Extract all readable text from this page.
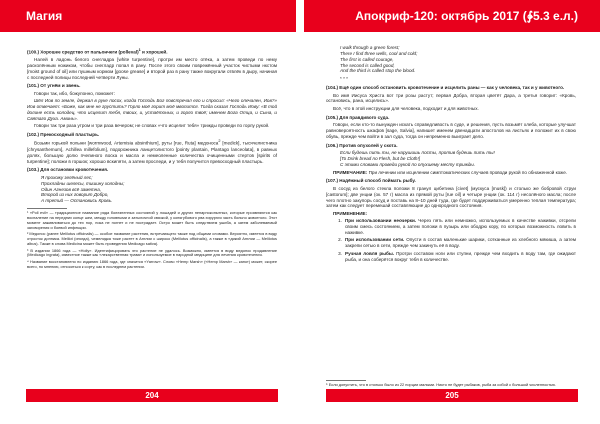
Магия	Апокриф-120: октябрь 2017 (∳5.3 е.л.)

(100.) Хорошее средство от пальончеги (polleval)$^1$ и хорошей.

Налей в ладонь белого снегладра [white turpentine], протри им место отёка, а затем проведи по нему расколённым ножиком, чтобы снегладр попал в рану. После этого своим поврежённый участок чистыми нкстом [moist ground of oil] или пушным кормом [goose grease] и второй раз в рану также вокругали отвлёк в дыру, начиная с последней полицы последней четверти Луны.

(101.) От угнём и звень.

Говори так, ибо, божупонно, поможет:

Шёл Иов по земле, держал в руке посох, когда Господь Бог повстречал его и спросил: «Чего опечален, Иов?» Иов отвечает: «Боже, как мне не грустить? Горло моё горит моё мвопится. Тогда сказал Господь Иову: «В той долине есть колодец, что исцелит тебя, твоих, и, устаётоных, и горло твоё; именем Бога Отца, и Сына, и Святаго Духа. Аминь».

Говори так три раза утром и три раза вечером; не словах «что исцелит тебя» трижды проведи по горлу рукой.

(102.) Прекосходный пластырь.

Возьми горькой полыни [wormwood, Artemisia absinthium], руты [rue, Ruta] медоноса$^2$ [medick], тысячелистника [chrysanthemum], Achillea millefolium], подорожника ланцетолистого [pointy plantain, Plantago lanceolata], в равных долях, большую долю пчелиного воска и масла и немеоленные количества очищенными стертов [spirits of turpentine]; положи в горшок; хорошо вскипяти, а затем проследи, и у тебя получится превосходный пластырь.

(103.) Для остановки кровотечения.

Я прохожу зелёный лес;
Прохладны шелесы, тишину холодны;
Один Агнезов всё заметна,
Второй из них говорит Добро,
А третий — Остановись Кровь.

¹ «Poll evil» — традиционное название ряда болезненных состояний у лошадей и других непарнокопытных, которые проявляются как воспаление на передних конце шеи, между головными и затылочной связкой, у конягубового рва хирургия часть больно животного. Этот момент заживливаться до тех пор, пока не погнет и не пострадает. Остро может быть следствием ушиба, а затем заболеваемый заговорения и боевой инфекции.

² Медонос (ранее Melilotus officinalis) — особое название растения, встречающего также под общими словами. Вероятно, имеется в виду отросток донника. Melilot (иногда), чемелидка тоже растет в Англии с широко (Melilotus officinalis), а также в «дикий Англии — Melilotus albus). Также в слова Medicina может быть проведения Medicago sativa).

³ В издании 1866 года — «Holly». Идентифицировать это растение не удалось. Возможно, имеется в виду медонос продавление (Medicago ingrata), известное также как «лекарственная трава» и используемое в народной медицине для лечения кровотечения.

⁴ Название восстановлено по изданию 1866 года, где значится «Yarrow». Слово «Hemp Marsh» («Hemp Marsh» — канот) может, скорее всего, по мнению, относиться к сорту, как в последнем растении.

I walk through a green forest;
There I find three wells, cool and cold;
The first is called courage,
The second is called good,
And the third is called stop the blood.

* * *

(104.) Ещё один способ остановить кровотечение и исцелить раны — как у человека, так и у животного.

Во имя Иисуса Христа вот три розы растут; первая Добра, вторая цветёт Дара, а третья говорит: «Кровь, остановись, рана, исцелись».

Всё, что в этой инструкции для человека, подходит и для животных.

(105.) Для правдивого суда.

Говори, если кто-то вынужден искать справедливость в суде, и решения, пусть возьмёт хлеба, которые улучшат равновероятность шкафов [sage, Salvia], напишет именем двенадцати апостолов на листьях и положит их в свою обувь, прежде чем войти в зал суда, тогда он непременно выиграет дело.

(106.) Против опухолей у скота.

Если будешь пить ты, не нарушишь посты, против будешь пить ты!
[To Drink bread no Flesh, but be Cloth!]
С этими словами проведи рукой по опухшему месту трижды.

ПРИМЕЧАНИЕ: При лечении или исцелении симптоматических случаев проводи рукой по обнаженной коже.

(107.) Надёжный способ поймать рыбу.

В сосуд из белого стекла положи 8 гранул цибетина [civet] (мускуса [musk]) и столько же бобровой струи [castorum]; две унции (ок. 57 г) масла из прямой руты [rue oil] и четыре унции (ок. 114 г) несолёного масла; после чего плотно закупорь сосуд и поставь на 8–10 дней туда, где будет поддерживаться умеренно теплая температура; затем как следует перемешай составляющие до однородного состояния.

ПРИМЕНЕНИЕ:

1. При использовании неочерки. Через пять или немножко, используемых в качестве наживки, отсрели своим смесь состоянием, а затем положи в пузырь или ободрю кору, по которых возможность ловить в наживке.
2. При использовании сети. Опусти в состав маленькие шарики, сотканные из хлебного мякиша, а затем закрепи сетью в сети, прежде чем закинуть её в воду.
3. Ручная ловля рыбы. Протри составом ноги или ступни, прежде чем входить в воду там, где ожидают рыба, и она соберётся вокруг тебя в количестве.

⁵ Если допустить, что в столько было из 22 порции малыми. Никто не будет рыбаков, рыба за собой с большой численностью.

204	205
